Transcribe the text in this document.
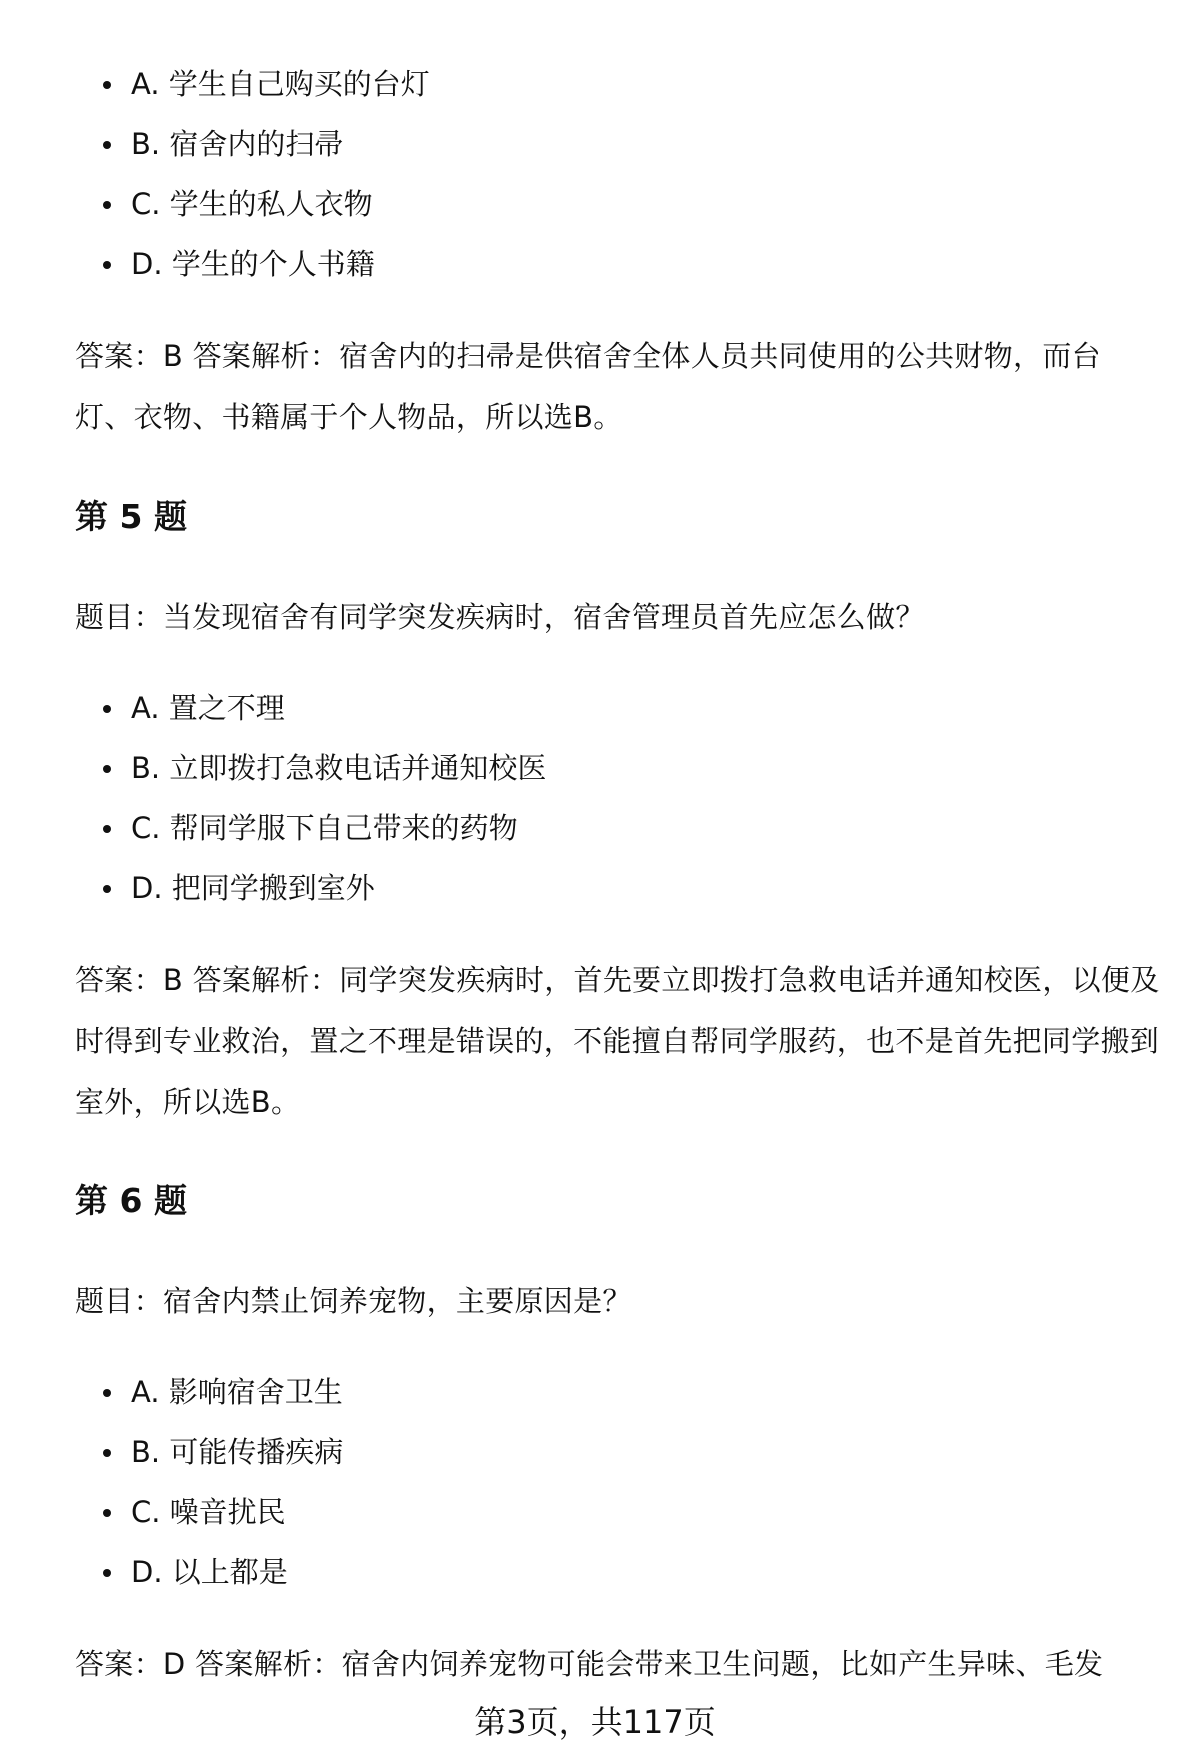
A. 学生自己购买的台灯
B. 宿舍内的扫帚
C. 学生的私人衣物
D. 学生的个人书籍

答案：B 答案解析：宿舍内的扫帚是供宿舍全体人员共同使用的公共财物，而台灯、衣物、书籍属于个人物品，所以选B。

第 5 题

题目：当发现宿舍有同学突发疾病时，宿舍管理员首先应怎么做？

A. 置之不理
B. 立即拨打急救电话并通知校医
C. 帮同学服下自己带来的药物
D. 把同学搬到室外

答案：B 答案解析：同学突发疾病时，首先要立即拨打急救电话并通知校医，以便及时得到专业救治，置之不理是错误的，不能擅自帮同学服药，也不是首先把同学搬到室外，所以选B。

第 6 题

题目：宿舍内禁止饲养宠物，主要原因是？

A. 影响宿舍卫生
B. 可能传播疾病
C. 噪音扰民
D. 以上都是

答案：D 答案解析：宿舍内饲养宠物可能会带来卫生问题，比如产生异味、毛发

第3页，共117页
